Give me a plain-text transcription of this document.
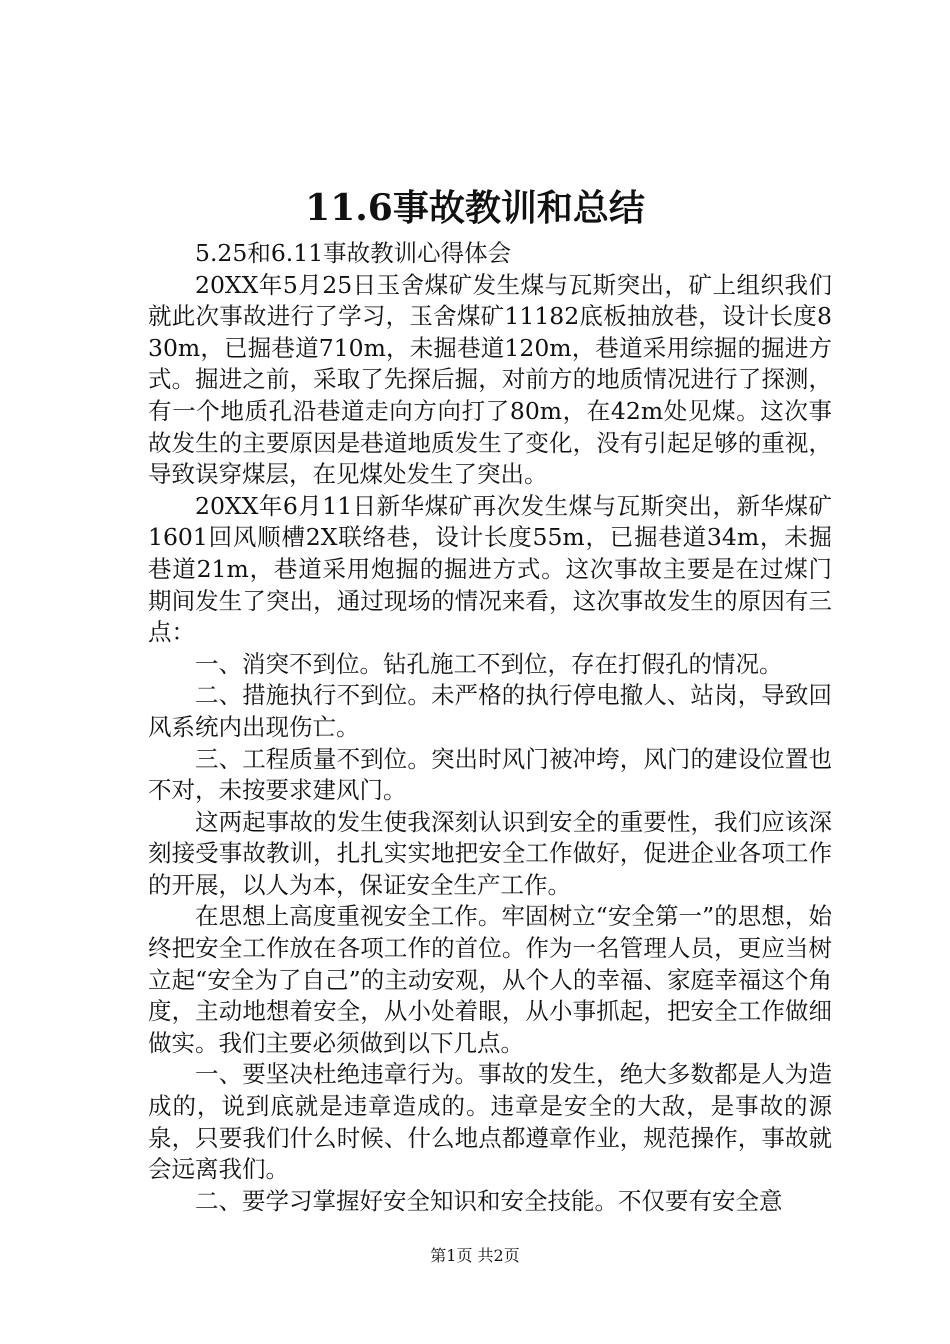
11.6事故教训和总结

5.25和6.11事故教训心得体会

20XX年5月25日玉舍煤矿发生煤与瓦斯突出，矿上组织我们就此次事故进行了学习，玉舍煤矿11182底板抽放巷，设计长度830m，已掘巷道710m，未掘巷道120m，巷道采用综掘的掘进方式。掘进之前，采取了先探后掘，对前方的地质情况进行了探测，有一个地质孔沿巷道走向方向打了80m，在42m处见煤。这次事故发生的主要原因是巷道地质发生了变化，没有引起足够的重视，导致误穿煤层，在见煤处发生了突出。

20XX年6月11日新华煤矿再次发生煤与瓦斯突出，新华煤矿1601回风顺槽2X联络巷，设计长度55m，已掘巷道34m，未掘巷道21m，巷道采用炮掘的掘进方式。这次事故主要是在过煤门期间发生了突出，通过现场的情况来看，这次事故发生的原因有三点：

一、消突不到位。钻孔施工不到位，存在打假孔的情况。

二、措施执行不到位。未严格的执行停电撤人、站岗，导致回风系统内出现伤亡。

三、工程质量不到位。突出时风门被冲垮，风门的建设位置也不对，未按要求建风门。

这两起事故的发生使我深刻认识到安全的重要性，我们应该深刻接受事故教训，扎扎实实地把安全工作做好，促进企业各项工作的开展，以人为本，保证安全生产工作。

在思想上高度重视安全工作。牢固树立“安全第一”的思想，始终把安全工作放在各项工作的首位。作为一名管理人员，更应当树立起“安全为了自己”的主动安观，从个人的幸福、家庭幸福这个角度，主动地想着安全，从小处着眼，从小事抓起，把安全工作做细做实。我们主要必须做到以下几点。

一、要坚决杜绝违章行为。事故的发生，绝大多数都是人为造成的，说到底就是违章造成的。违章是安全的大敌，是事故的源泉，只要我们什么时候、什么地点都遵章作业，规范操作，事故就会远离我们。

二、要学习掌握好安全知识和安全技能。不仅要有安全意

第1页 共2页
